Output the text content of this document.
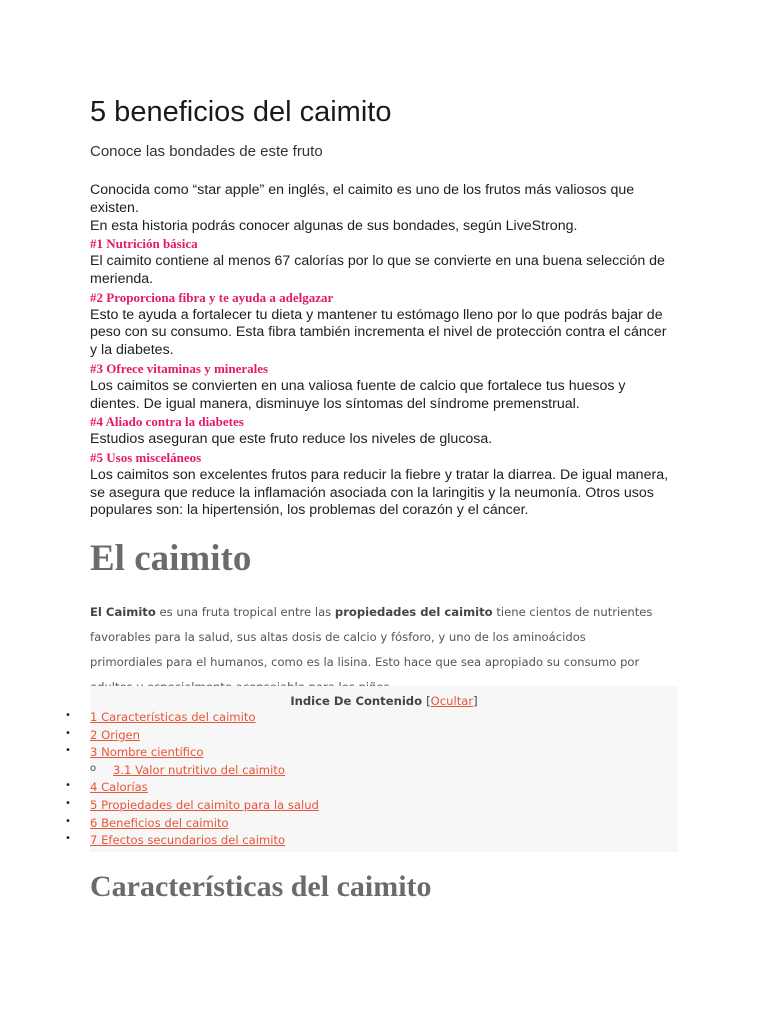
5 beneficios del caimito

Conoce las bondades de este fruto

Conocida como “star apple” en inglés, el caimito es uno de los frutos más valiosos que existen.

En esta historia podrás conocer algunas de sus bondades, según LiveStrong.

#1 Nutrición básica

El caimito contiene al menos 67 calorías por lo que se convierte en una buena selección de merienda.

#2 Proporciona fibra y te ayuda a adelgazar

Esto te ayuda a fortalecer tu dieta y mantener tu estómago lleno por lo que podrás bajar de peso con su consumo. Esta fibra también incrementa el nivel de protección contra el cáncer y la diabetes.

#3 Ofrece vitaminas y minerales

Los caimitos se convierten en una valiosa fuente de calcio que fortalece tus huesos y dientes. De igual manera, disminuye los síntomas del síndrome premenstrual.

#4 Aliado contra la diabetes

Estudios aseguran que este fruto reduce los niveles de glucosa.

#5 Usos misceláneos

Los caimitos son excelentes frutos para reducir la fiebre y tratar la diarrea. De igual manera, se asegura que reduce la inflamación asociada con la laringitis y la neumonía. Otros usos populares son: la hipertensión, los problemas del corazón y el cáncer.

El caimito

El Caimito es una fruta tropical entre las propiedades del caimito tiene cientos de nutrientes favorables para la salud, sus altas dosis de calcio y fósforo, y uno de los aminoácidos primordiales para el humanos, como es la lisina. Esto hace que sea apropiado su consumo por

Indice De Contenido [Ocultar]
• 1 Características del caimito
• 2 Origen
• 3 Nombre científico
o 3.1 Valor nutritivo del caimito
• 4 Calorías
• 5 Propiedades del caimito para la salud
• 6 Beneficios del caimito
• 7 Efectos secundarios del caimito
Características del caimito
